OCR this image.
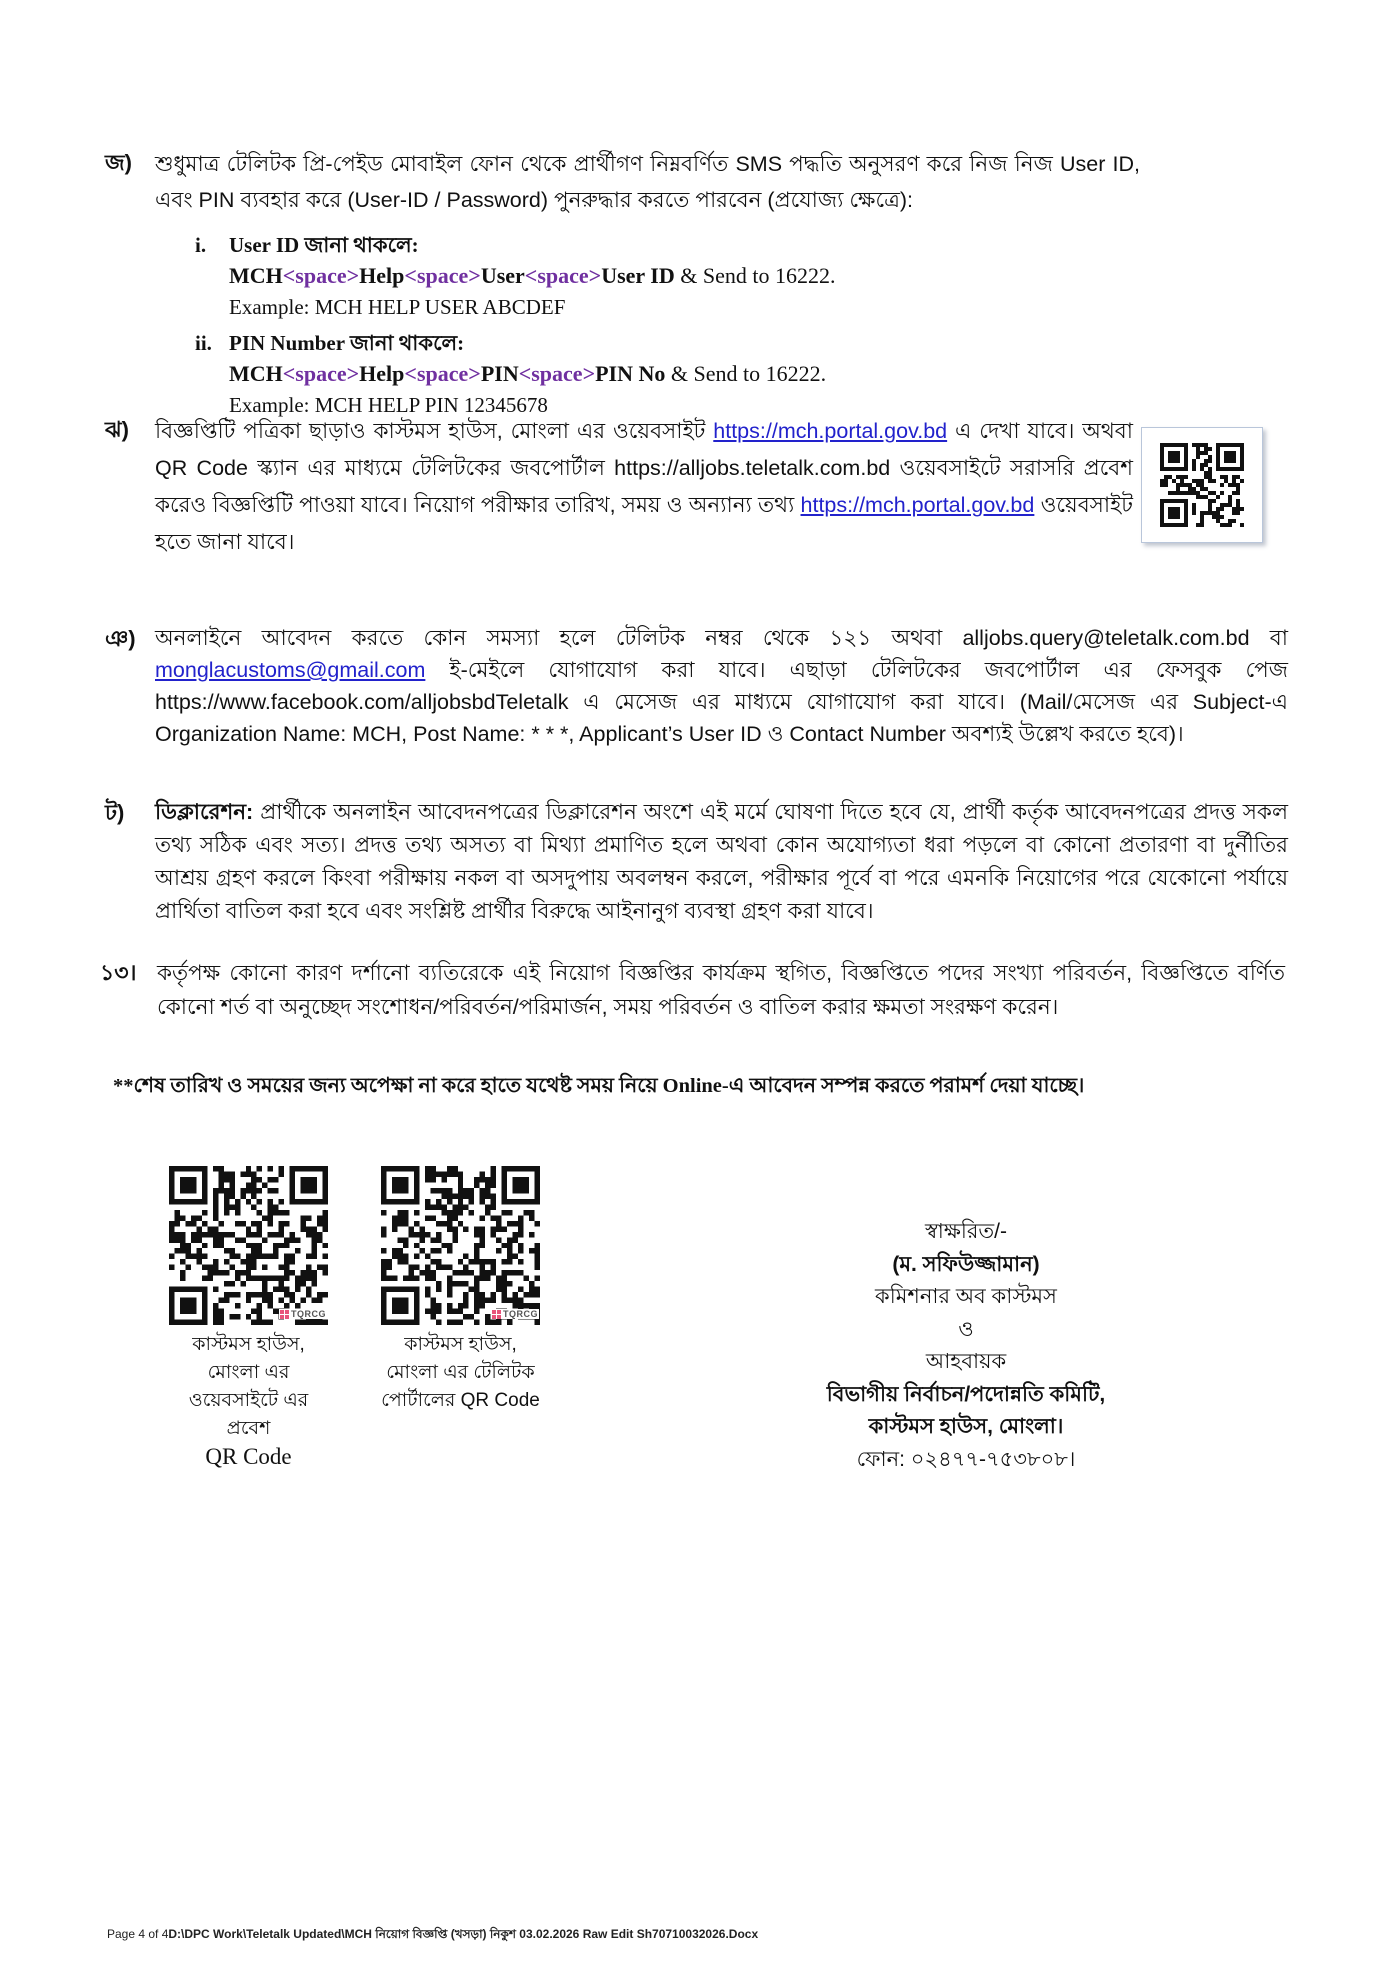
জ)	শুধুমাত্র টেলিটক প্রি-পেইড মোবাইল ফোন থেকে প্রার্থীগণ নিম্নবর্ণিত SMS পদ্ধতি অনুসরণ করে নিজ নিজ User ID, এবং PIN ব্যবহার করে (User-ID / Password) পুনরুদ্ধার করতে পারবেন (প্রযোজ্য ক্ষেত্রে):
i.	User ID জানা থাকলে:
MCH<space>Help<space>User<space>User ID & Send to 16222.
Example: MCH HELP USER ABCDEF
ii. PIN Number জানা থাকলে:
MCH<space>Help<space>PIN<space>PIN No & Send to 16222.
Example: MCH HELP PIN 12345678
ঝ)	বিজ্ঞপ্তিটি পত্রিকা ছাড়াও কাস্টমস হাউস, মোংলা এর ওয়েবসাইট https://mch.portal.gov.bd এ দেখা যাবে। অথবা QR Code স্ক্যান এর মাধ্যমে টেলিটকের জবপোর্টাল https://alljobs.teletalk.com.bd ওয়েবসাইটে সরাসরি প্রবেশ করেও বিজ্ঞপ্তিটি পাওয়া যাবে। নিয়োগ পরীক্ষার তারিখ, সময় ও অন্যান্য তথ্য https://mch.portal.gov.bd ওয়েবসাইট হতে জানা যাবে।
ঞ) অনলাইনে আবেদন করতে কোন সমস্যা হলে টেলিটক নম্বর থেকে ১২১ অথবা alljobs.query@teletalk.com.bd বা monglacustoms@gmail.com ই-মেইলে যোগাযোগ করা যাবে। এছাড়া টেলিটকের জবপোর্টাল এর ফেসবুক পেজ https://www.facebook.com/alljobsbdTeletalk এ মেসেজ এর মাধ্যমে যোগাযোগ করা যাবে। (Mail/মেসেজ এর Subject-এ Organization Name: MCH, Post Name: * * *, Applicant’s User ID ও Contact Number অবশ্যই উল্লেখ করতে হবে)।
ট)	ডিক্লারেশন: প্রার্থীকে অনলাইন আবেদনপত্রের ডিক্লারেশন অংশে এই মর্মে ঘোষণা দিতে হবে যে, প্রার্থী কর্তৃক আবেদনপত্রের প্রদত্ত সকল তথ্য সঠিক এবং সত্য। প্রদত্ত তথ্য অসত্য বা মিথ্যা প্রমাণিত হলে অথবা কোন অযোগ্যতা ধরা পড়লে বা কোনো প্রতারণা বা দুর্নীতির আশ্রয় গ্রহণ করলে কিংবা পরীক্ষায় নকল বা অসদুপায় অবলম্বন করলে, পরীক্ষার পূর্বে বা পরে এমনকি নিয়োগের পরে যেকোনো পর্যায়ে প্রার্থিতা বাতিল করা হবে এবং সংশ্লিষ্ট প্রার্থীর বিরুদ্ধে আইনানুগ ব্যবস্থা গ্রহণ করা যাবে।
১৩। কর্তৃপক্ষ কোনো কারণ দর্শানো ব্যতিরেকে এই নিয়োগ বিজ্ঞপ্তির কার্যক্রম স্থগিত, বিজ্ঞপ্তিতে পদের সংখ্যা পরিবর্তন, বিজ্ঞপ্তিতে বর্ণিত কোনো শর্ত বা অনুচ্ছেদ সংশোধন/পরিবর্তন/পরিমার্জন, সময় পরিবর্তন ও বাতিল করার ক্ষমতা সংরক্ষণ করেন।
**শেষ তারিখ ও সময়ের জন্য অপেক্ষা না করে হাতে যথেষ্ট সময় নিয়ে Online-এ আবেদন সম্পন্ন করতে পরামর্শ দেয়া যাচ্ছে।
TQRCG
কাস্টমস হাউস, মোংলা এর
ওয়েবসাইটে এর প্রবেশ
QR Code
TQRCG
কাস্টমস হাউস,
মোংলা এর টেলিটক
পোর্টালের QR Code
স্বাক্ষরিত/-
(ম. সফিউজ্জামান)
কমিশনার অব কাস্টমস
ও
আহবায়ক
বিভাগীয় নির্বাচন/পদোন্নতি কমিটি,
কাস্টমস হাউস, মোংলা।
ফোন: ০২৪৭৭-৭৫৩৮০৮।
Page 4 of 4D:\DPC Work\Teletalk Updated\MCH নিয়োগ বিজ্ঞপ্তি (খসড়া) নিকুশ 03.02.2026 Raw Edit Sh70710032026.Docx
